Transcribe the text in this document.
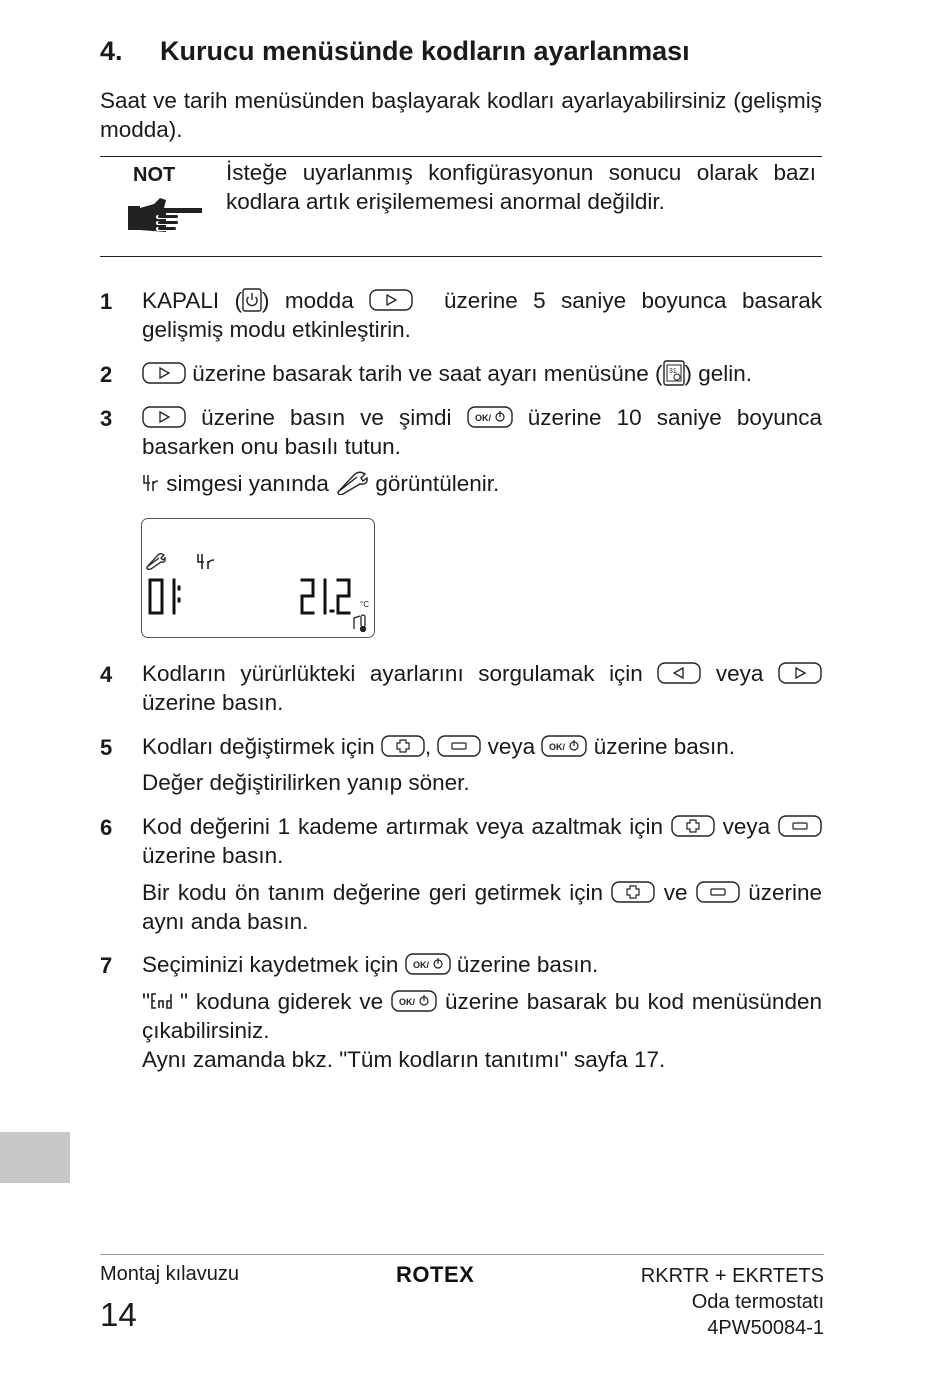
4. Kurucu menüsünde kodların ayarlanması
Saat ve tarih menüsünden başlayarak kodları ayarlayabilirsiniz (gelişmiş modda).
NOT İsteğe uyarlanmış konfigürasyonun sonucu olarak bazı kodlara artık erişilememesi anormal değildir.
1 KAPALI ( ) modda	üzerine 5 saniye boyunca basarak gelişmiş modu etkinleştirin.
2	üzerine basarak tarih ve saat ayarı menüsüne ( 31 ) gelin.
3	üzerine basın ve şimdi	OK/ üzerine 10 saniye boyunca basarken onu basılı tutun.
simgesi yanında görüntülenir.
°C
4 Kodların yürürlükteki ayarlarını sorgulamak için	veya  üzerine basın.
5 Kodları değiştirmek için ,	veya OK/ üzerine basın.
Değer değiştirilirken yanıp söner.
6 Kod değerini 1 kademe artırmak veya azaltmak için	veya  üzerine basın.
Bir kodu ön tanım değerine geri getirmek için	ve	üzerine aynı anda basın.
7 Seçiminizi kaydetmek için OK/ üzerine basın.
" " koduna giderek ve OK/ üzerine basarak bu kod menüsünden çıkabilirsiniz.
Aynı zamanda bkz. "Tüm kodların tanıtımı" sayfa 17.
Montaj kılavuzu
14
ROTEX	RKRTR + EKRTETS
Oda termostatı
4PW50084-1
